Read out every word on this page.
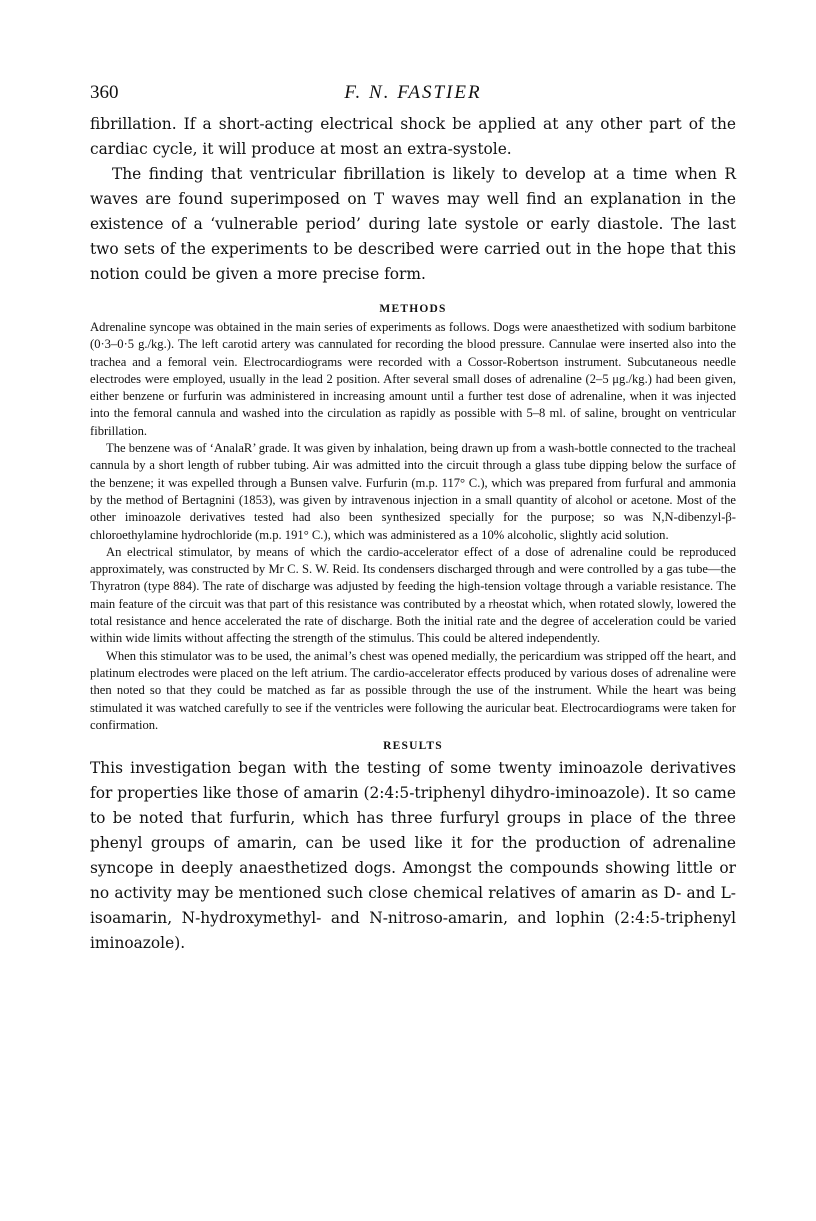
360	F. N. FASTIER

fibrillation. If a short-acting electrical shock be applied at any other part of the cardiac cycle, it will produce at most an extra-systole.

The finding that ventricular fibrillation is likely to develop at a time when R waves are found superimposed on T waves may well find an explanation in the existence of a ‘vulnerable period’ during late systole or early diastole. The last two sets of the experiments to be described were carried out in the hope that this notion could be given a more precise form.

METHODS

Adrenaline syncope was obtained in the main series of experiments as follows. Dogs were anaesthetized with sodium barbitone (0·3–0·5 g./kg.). The left carotid artery was cannulated for recording the blood pressure. Cannulae were inserted also into the trachea and a femoral vein. Electrocardiograms were recorded with a Cossor-Robertson instrument. Subcutaneous needle electrodes were employed, usually in the lead 2 position. After several small doses of adrenaline (2–5 μg./kg.) had been given, either benzene or furfurin was administered in increasing amount until a further test dose of adrenaline, when it was injected into the femoral cannula and washed into the circulation as rapidly as possible with 5–8 ml. of saline, brought on ventricular fibrillation.

The benzene was of ‘AnalaR’ grade. It was given by inhalation, being drawn up from a wash-bottle connected to the tracheal cannula by a short length of rubber tubing. Air was admitted into the circuit through a glass tube dipping below the surface of the benzene; it was expelled through a Bunsen valve. Furfurin (m.p. 117° C.), which was prepared from furfural and ammonia by the method of Bertagnini (1853), was given by intravenous injection in a small quantity of alcohol or acetone. Most of the other iminoazole derivatives tested had also been synthesized specially for the purpose; so was N,N-dibenzyl-β-chloroethylamine hydrochloride (m.p. 191° C.), which was administered as a 10% alcoholic, slightly acid solution.

An electrical stimulator, by means of which the cardio-accelerator effect of a dose of adrenaline could be reproduced approximately, was constructed by Mr C. S. W. Reid. Its condensers discharged through and were controlled by a gas tube—the Thyratron (type 884). The rate of discharge was adjusted by feeding the high-tension voltage through a variable resistance. The main feature of the circuit was that part of this resistance was contributed by a rheostat which, when rotated slowly, lowered the total resistance and hence accelerated the rate of discharge. Both the initial rate and the degree of acceleration could be varied within wide limits without affecting the strength of the stimulus. This could be altered independently.

When this stimulator was to be used, the animal’s chest was opened medially, the pericardium was stripped off the heart, and platinum electrodes were placed on the left atrium. The cardio-accelerator effects produced by various doses of adrenaline were then noted so that they could be matched as far as possible through the use of the instrument. While the heart was being stimulated it was watched carefully to see if the ventricles were following the auricular beat. Electrocardiograms were taken for confirmation.

RESULTS

This investigation began with the testing of some twenty iminoazole derivatives for properties like those of amarin (2:4:5-triphenyl dihydro-iminoazole). It so came to be noted that furfurin, which has three furfuryl groups in place of the three phenyl groups of amarin, can be used like it for the production of adrenaline syncope in deeply anaesthetized dogs. Amongst the compounds showing little or no activity may be mentioned such close chemical relatives of amarin as D- and L-isoamarin, N-hydroxymethyl- and N-nitroso-amarin, and lophin (2:4:5-triphenyl iminoazole).
